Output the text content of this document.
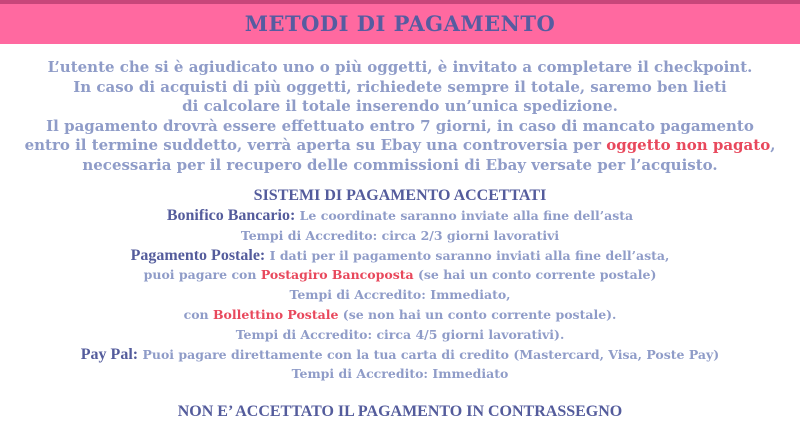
METODI DI PAGAMENTO
L’utente che si è agiudicato uno o più oggetti, è invitato a completare il checkpoint.
In caso di acquisti di più oggetti, richiedete sempre il totale, saremo ben lieti
di calcolare il totale inserendo un’unica spedizione.
Il pagamento drovrà essere effettuato entro 7 giorni, in caso di mancato pagamento
entro il termine suddetto, verrà aperta su Ebay una controversia per oggetto non pagato,
necessaria per il recupero delle commissioni di Ebay versate per l’acquisto.
SISTEMI DI PAGAMENTO ACCETTATI
Bonifico Bancario: Le coordinate saranno inviate alla fine dell’asta
Tempi di Accredito: circa 2/3 giorni lavorativi
Pagamento Postale: I dati per il pagamento saranno inviati alla fine dell’asta,
puoi pagare con Postagiro Bancoposta (se hai un conto corrente postale)
Tempi di Accredito: Immediato,
con Bollettino Postale (se non hai un conto corrente postale).
Tempi di Accredito: circa 4/5 giorni lavorativi).
Pay Pal: Puoi pagare direttamente con la tua carta di credito (Mastercard, Visa, Poste Pay)
Tempi di Accredito: Immediato
NON E’ ACCETTATO IL PAGAMENTO IN CONTRASSEGNO
